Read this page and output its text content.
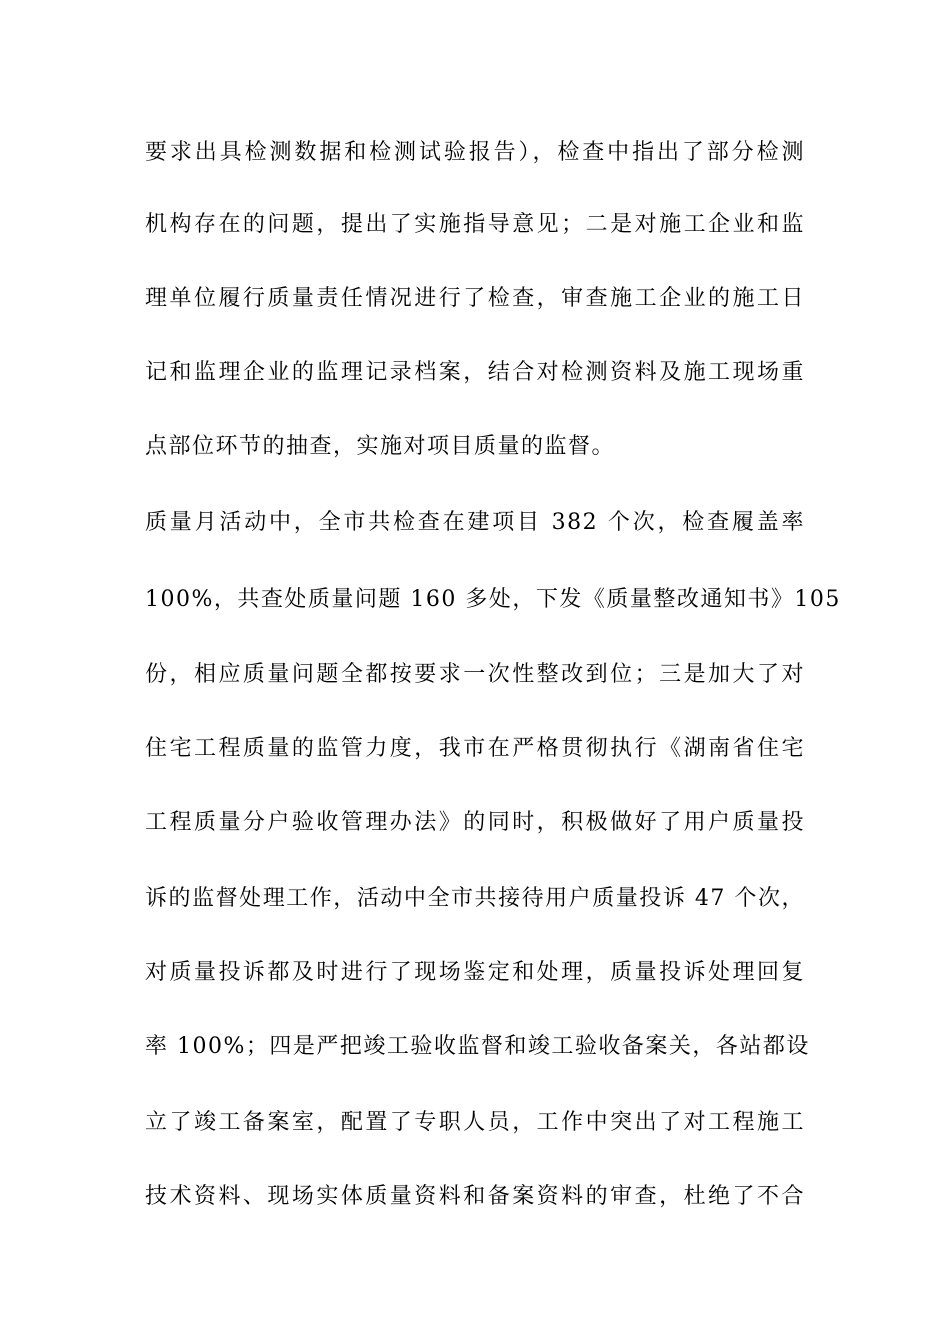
要求出具检测数据和检测试验报告），检查中指出了部分检测
机构存在的问题，提出了实施指导意见；二是对施工企业和监
理单位履行质量责任情况进行了检查，审查施工企业的施工日
记和监理企业的监理记录档案，结合对检测资料及施工现场重
点部位环节的抽查，实施对项目质量的监督。
质量月活动中，全市共检查在建项目 382 个次，检查履盖率
100%，共查处质量问题 160 多处，下发《质量整改通知书》105
份，相应质量问题全都按要求一次性整改到位；三是加大了对
住宅工程质量的监管力度，我市在严格贯彻执行《湖南省住宅
工程质量分户验收管理办法》的同时，积极做好了用户质量投
诉的监督处理工作，活动中全市共接待用户质量投诉 47 个次，
对质量投诉都及时进行了现场鉴定和处理，质量投诉处理回复
率 100%；四是严把竣工验收监督和竣工验收备案关，各站都设
立了竣工备案室，配置了专职人员，工作中突出了对工程施工
技术资料、现场实体质量资料和备案资料的审查，杜绝了不合
